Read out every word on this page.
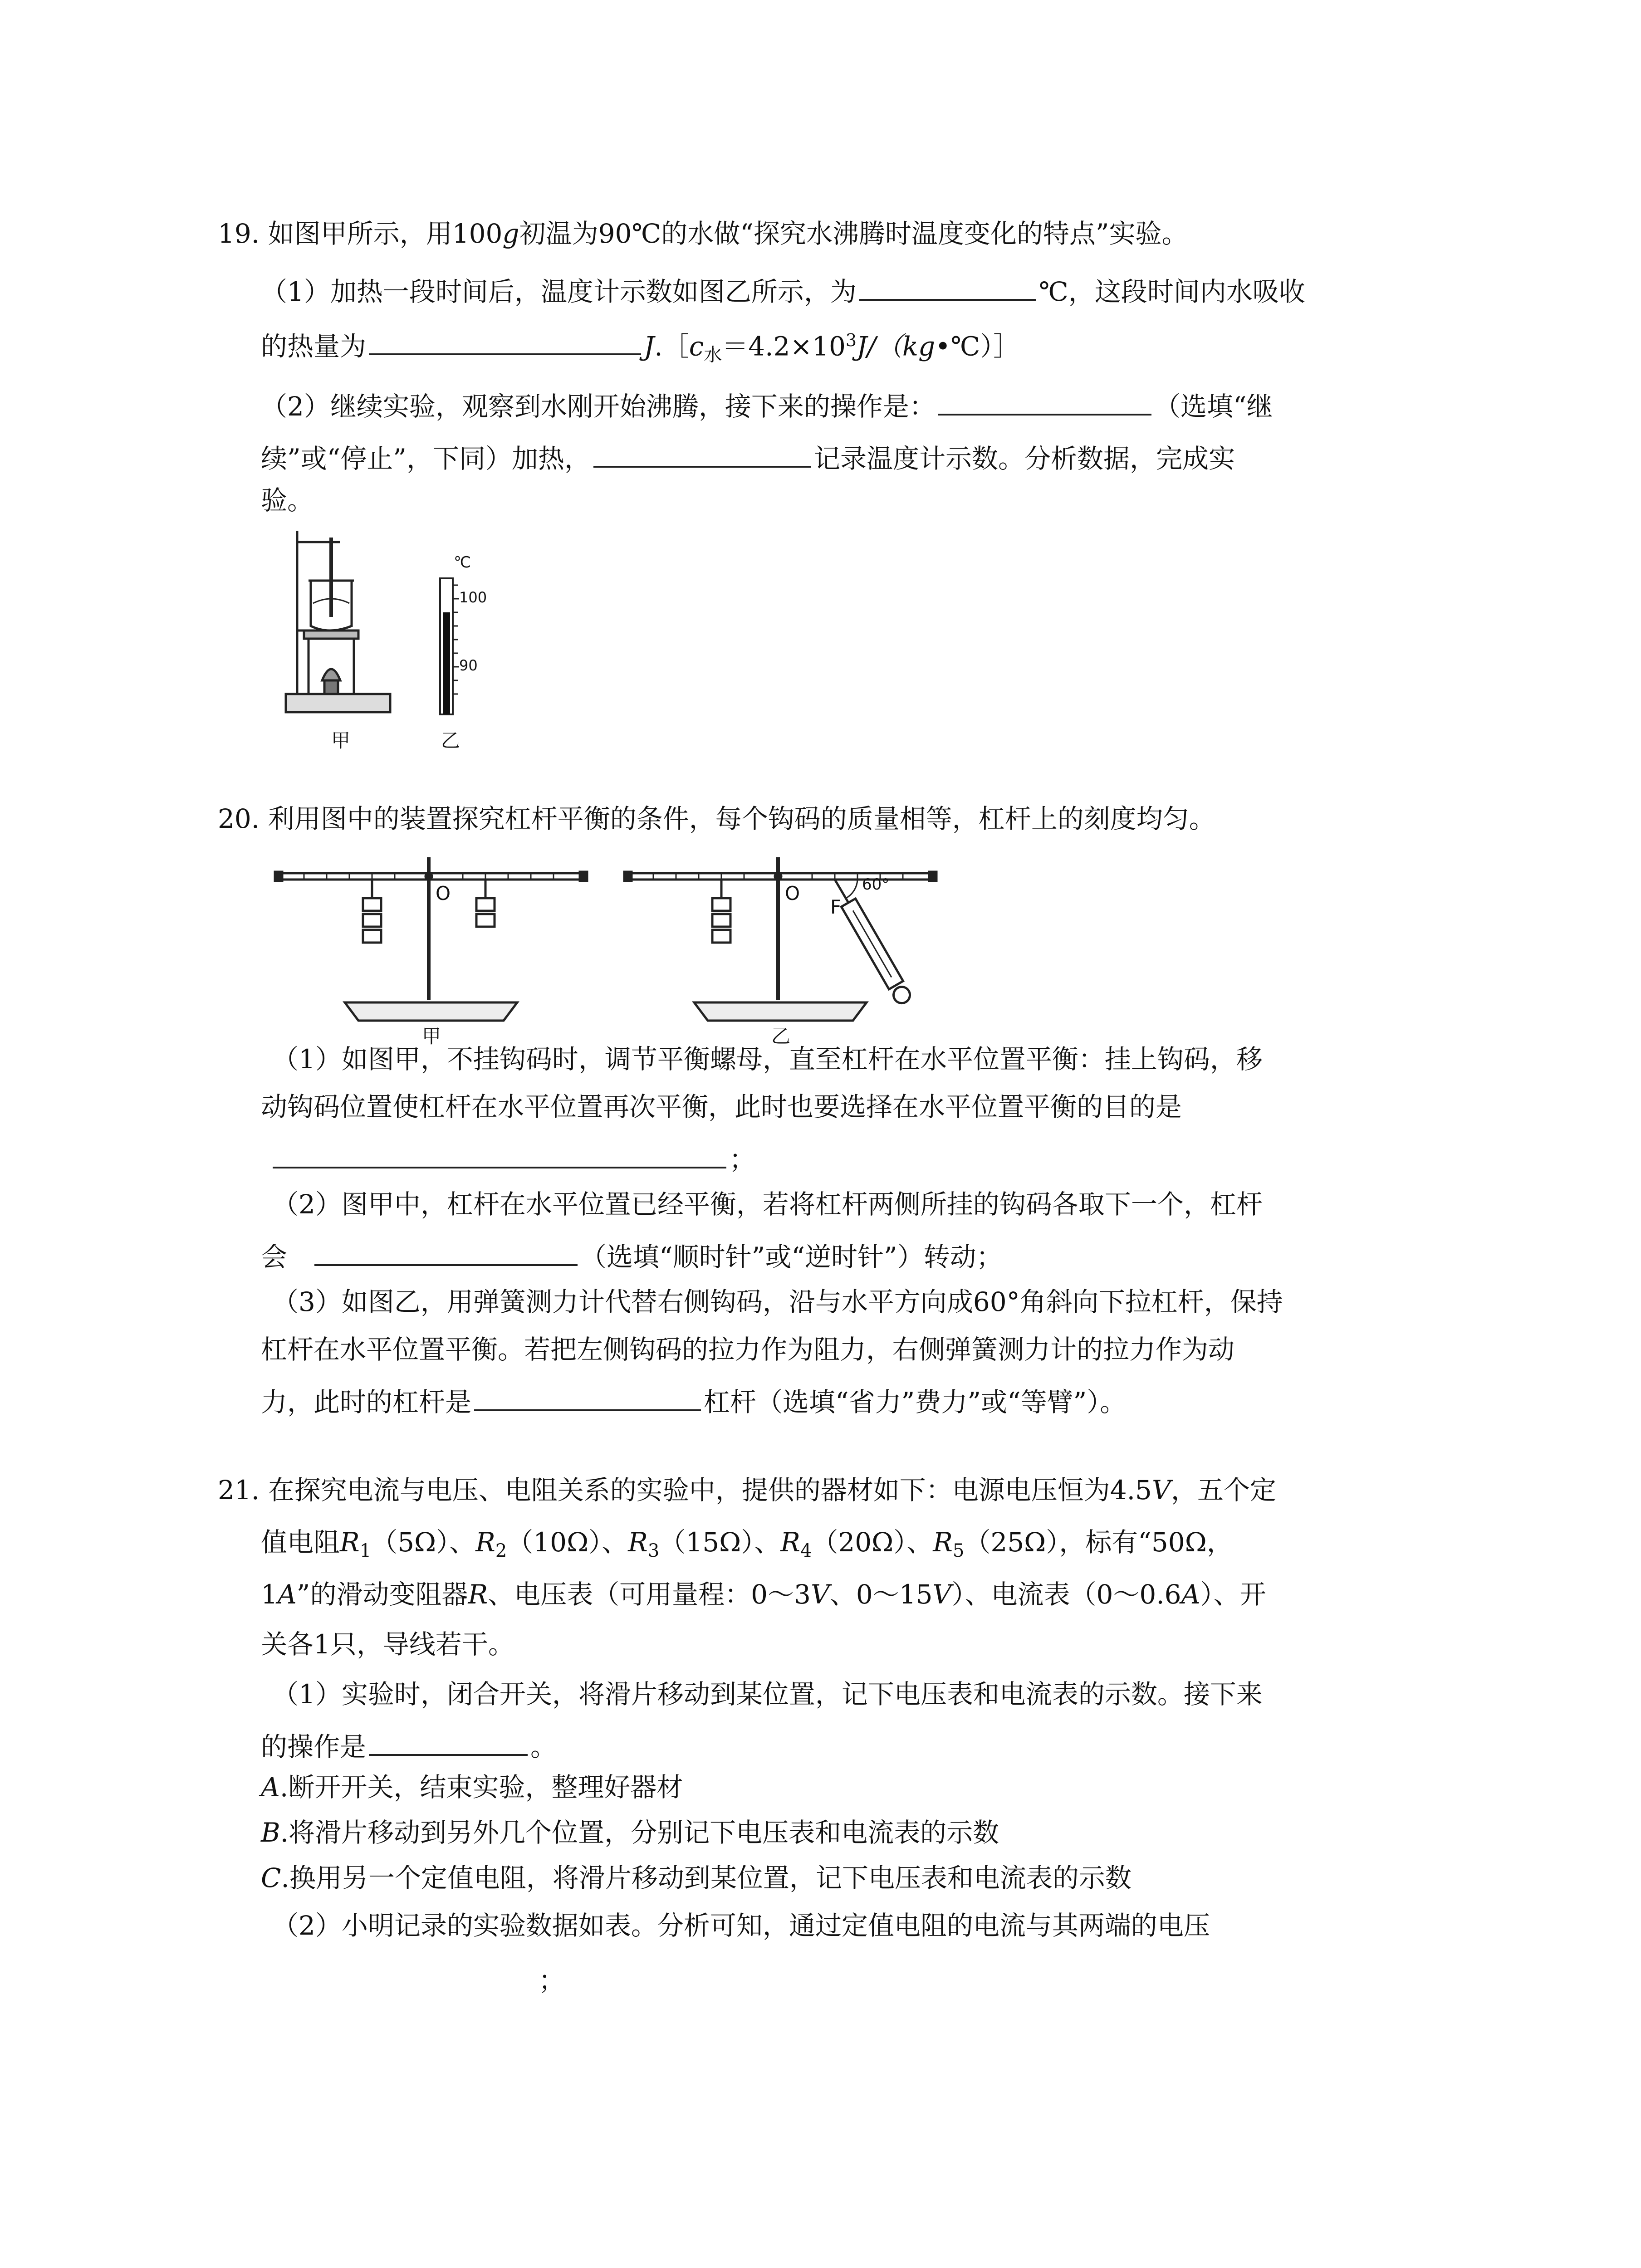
19. 如图甲所示，用100g初温为90℃的水做“探究水沸腾时温度变化的特点”实验。
（1）加热一段时间后，温度计示数如图乙所示，为	℃，这段时间内水吸收
的热量为	$J.[c_水=4.2\times 10^3J/(kg•℃)]$
（2）继续实验，观察到水刚开始沸腾，接下来的操作是：	（选填“继
续”或“停止”，下同）加热，	记录温度计示数。分析数据，完成实
验。
℃
100
90
甲	乙
20. 利用图中的装置探究杠杆平衡的条件，每个钩码的质量相等，杠杆上的刻度均匀。
O	O
F
60°
甲	乙
（1）如图甲，不挂钩码时，调节平衡螺母，直至杠杆在水平位置平衡：挂上钩码，移
动钩码位置使杠杆在水平位置再次平衡，此时也要选择在水平位置平衡的目的是
；
（2）图甲中，杠杆在水平位置已经平衡，若将杠杆两侧所挂的钩码各取下一个，杠杆
会	（选填“顺时针”或“逆时针”）转动；
（3）如图乙，用弹簧测力计代替右侧钩码，沿与水平方向成60°角斜向下拉杠杆，保持
杠杆在水平位置平衡。若把左侧钩码的拉力作为阻力，右侧弹簧测力计的拉力作为动
力，此时的杠杆是	杠杆（选填“省力”费力”或“等臂”）。
21. 在探究电流与电压、电阻关系的实验中，提供的器材如下：电源电压恒为4.5V，五个定
值电阻$R_1(5\Omega)$、$R_2(10\Omega)$、$R_3(15\Omega)$、$R_4(20\Omega)$、$R_5(25\Omega)$，标有“50Ω，
1A”的滑动变阻器R、电压表（可用量程：0～3V、0～15V）、电流表（0～0.6A）、开
关各1只，导线若干。
（1）实验时，闭合开关，将滑片移动到某位置，记下电压表和电流表的示数。接下来
的操作是	。
A.断开开关，结束实验，整理好器材
B.将滑片移动到另外几个位置，分别记下电压表和电流表的示数
C.换用另一个定值电阻，将滑片移动到某位置，记下电压表和电流表的示数
（2）小明记录的实验数据如表。分析可知，通过定值电阻的电流与其两端的电压
；
